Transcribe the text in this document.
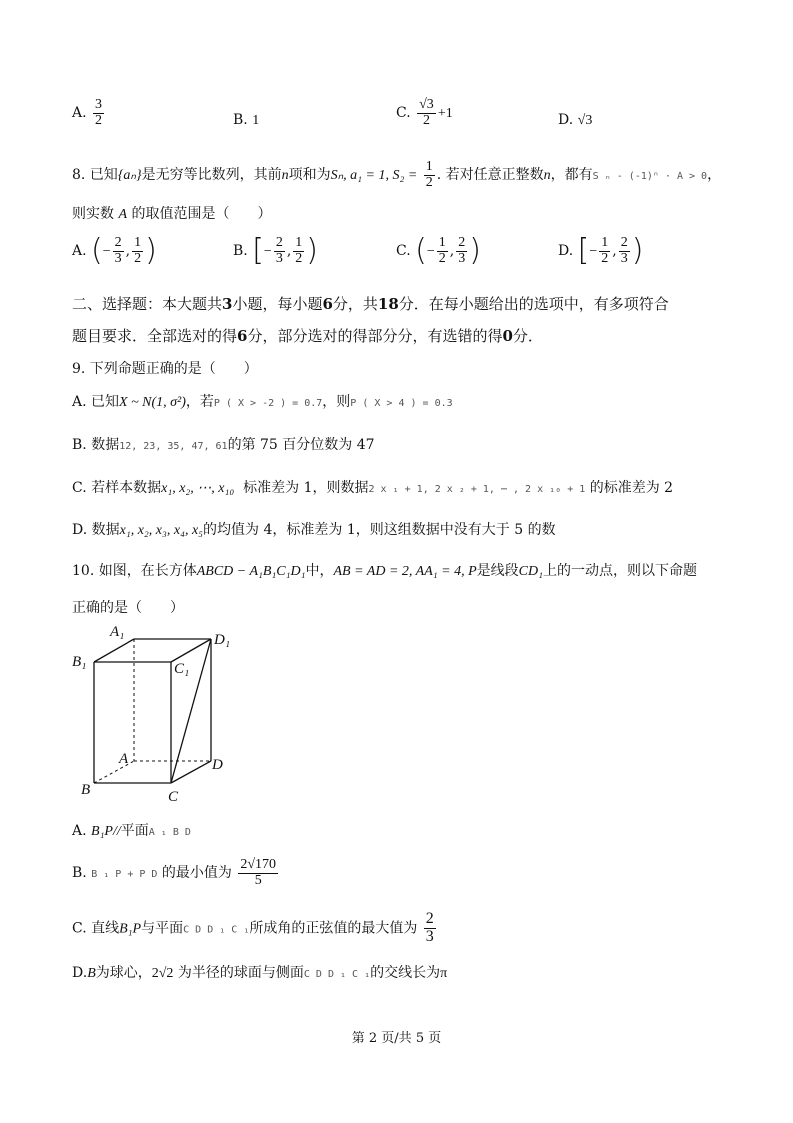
A. $\frac{3}{2}$	B. 1	C. $\frac{√3}{2} +1$	D. √3
8. 已知{aₙ}是无穷等比数列，其前n项和为Sₙ, a₁ = 1, $S_2 = \frac{1}{2}$ . 若对任意正整数n，都有S ₙ - (-1)ⁿ · A > 0，
则实数 A 的取值范围是（　　）
A. (− $\frac{2}{3}$ , $\frac{1}{2}$ )	B. [− $\frac{2}{3}$ , $\frac{1}{2}$ )	C. (− $\frac{1}{2}$ , $\frac{2}{3}$ )	D. [− $\frac{1}{2}$ , $\frac{2}{3}$ )
二、选择题：本大题共3小题，每小题6分，共18分．在每小题给出的选项中，有多项符合
题目要求．全部选对的得6分，部分选对的得部分分，有选错的得0分．
9. 下列命题正确的是（　　）
A. 已知X ~ N(1, σ²)，若P ( X > -2 ) = 0.7，则P ( X > 4 ) = 0.3
B. 数据12, 23, 35, 47, 61的第 75 百分位数为 47
C. 若样本数据x₁, x₂, ⋯, x₁₀ 标准差为 1，则数据2 x ₁ + 1, 2 x ₂ + 1, ⋯ , 2 x ₁₀ + 1 的标准差为 2
D. 数据x₁, x₂, x₃, x₄, x₅的均值为 4，标准差为 1，则这组数据中没有大于 5 的数
10. 如图，在长方体ABCD − A₁B₁C₁D₁中，AB = AD = 2, AA₁ = 4, P是线段CD₁上的一动点，则以下命题
正确的是（　　）
A₁
B₁	C₁
D₁
A
B	C
D
A. B₁P//平面A ₁ B D
B. B ₁ P + P D 的最小值为 $\frac{2√170}{5}$
C. 直线B₁P与平面C D D ₁ C ₁所成角的正弦值的最大值为 $\frac{2}{3}$
D.B为球心，2√2 为半径的球面与侧面C D D ₁ C ₁的交线长为π
第 2 页/共 5 页
